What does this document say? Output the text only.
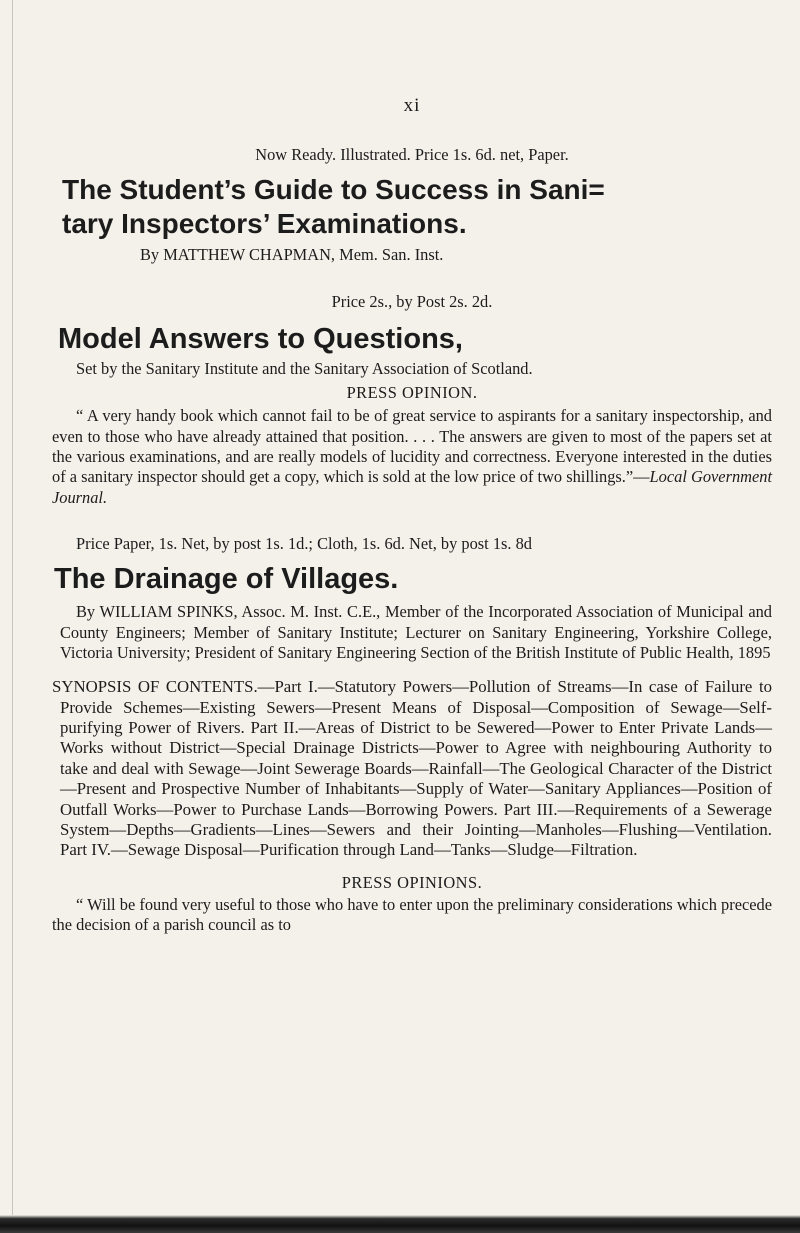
xi
Now Ready. Illustrated. Price 1s. 6d. net, Paper.
The Student’s Guide to Success in Sani=
tary Inspectors’ Examinations.
By MATTHEW CHAPMAN, Mem. San. Inst.
Price 2s., by Post 2s. 2d.
Model Answers to Questions,
Set by the Sanitary Institute and the Sanitary Association of Scotland.
PRESS OPINION.
“ A very handy book which cannot fail to be of great service to aspirants for a sanitary inspectorship, and even to those who have already attained that position. . . . The answers are given to most of the papers set at the various examinations, and are really models of lucidity and correctness. Everyone interested in the duties of a sanitary inspector should get a copy, which is sold at the low price of two shillings.”—Local Government Journal.
Price Paper, 1s. Net, by post 1s. 1d.; Cloth, 1s. 6d. Net, by post 1s. 8d
The Drainage of Villages.
By WILLIAM SPINKS, Assoc. M. Inst. C.E., Member of the Incorporated Association of Municipal and County Engineers; Member of Sanitary Institute; Lecturer on Sanitary Engineering, Yorkshire College, Victoria University; President of Sanitary Engineering Section of the British Institute of Public Health, 1895
SYNOPSIS OF CONTENTS.—Part I.—Statutory Powers—Pollution of Streams—In case of Failure to Provide Schemes—Existing Sewers—Present Means of Disposal—Composition of Sewage—Self-purifying Power of Rivers. Part II.—Areas of District to be Sewered—Power to Enter Private Lands—Works without District—Special Drainage Districts—Power to Agree with neighbouring Authority to take and deal with Sewage—Joint Sewerage Boards—Rainfall—The Geological Character of the District—Present and Prospective Number of Inhabitants—Supply of Water—Sanitary Appliances—Position of Outfall Works—Power to Purchase Lands—Borrowing Powers. Part III.—Requirements of a Sewerage System—Depths—Gradients—Lines—Sewers and their Jointing—Manholes—Flushing—Ventilation. Part IV.—Sewage Disposal—Purification through Land—Tanks—Sludge—Filtration.
PRESS OPINIONS.
“ Will be found very useful to those who have to enter upon the preliminary considerations which precede the decision of a parish council as to
